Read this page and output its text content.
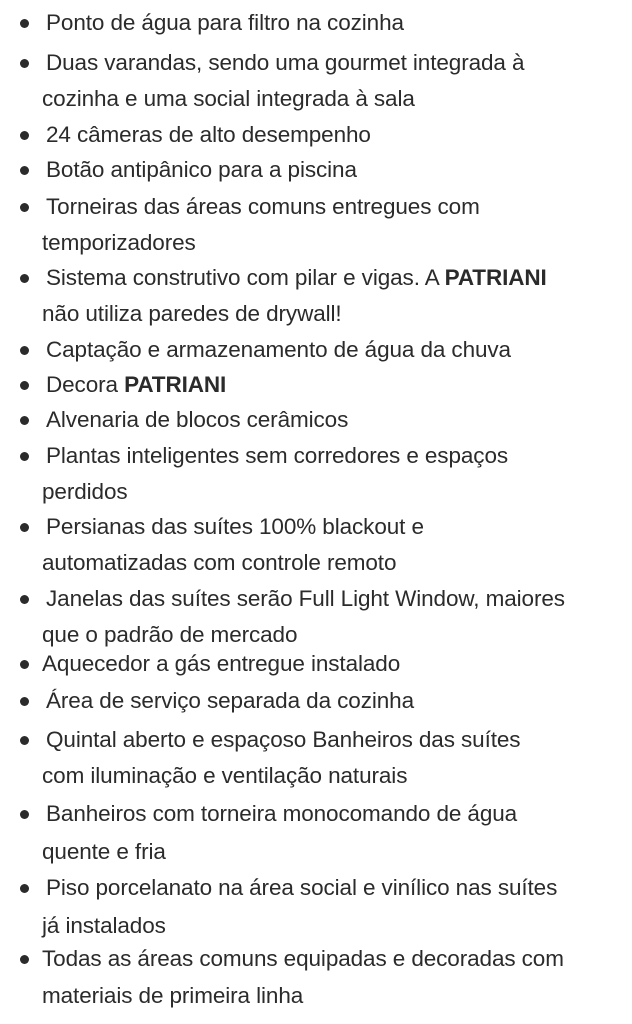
Ponto de água para filtro na cozinha
Duas varandas, sendo uma gourmet integrada à
cozinha e uma social integrada à sala
24 câmeras de alto desempenho
Botão antipânico para a piscina
Torneiras das áreas comuns entregues com
temporizadores
Sistema construtivo com pilar e vigas. A PATRIANI
não utiliza paredes de drywall!
Captação e armazenamento de água da chuva
Decora PATRIANI
Alvenaria de blocos cerâmicos
Plantas inteligentes sem corredores e espaços
perdidos
Persianas das suítes 100% blackout e
automatizadas com controle remoto
Janelas das suítes serão Full Light Window, maiores
que o padrão de mercado
Aquecedor a gás entregue instalado
Área de serviço separada da cozinha
Quintal aberto e espaçoso Banheiros das suítes
com iluminação e ventilação naturais
Banheiros com torneira monocomando de água
quente e fria
Piso porcelanato na área social e vinílico nas suítes
já instalados
Todas as áreas comuns equipadas e decoradas com
materiais de primeira linha
